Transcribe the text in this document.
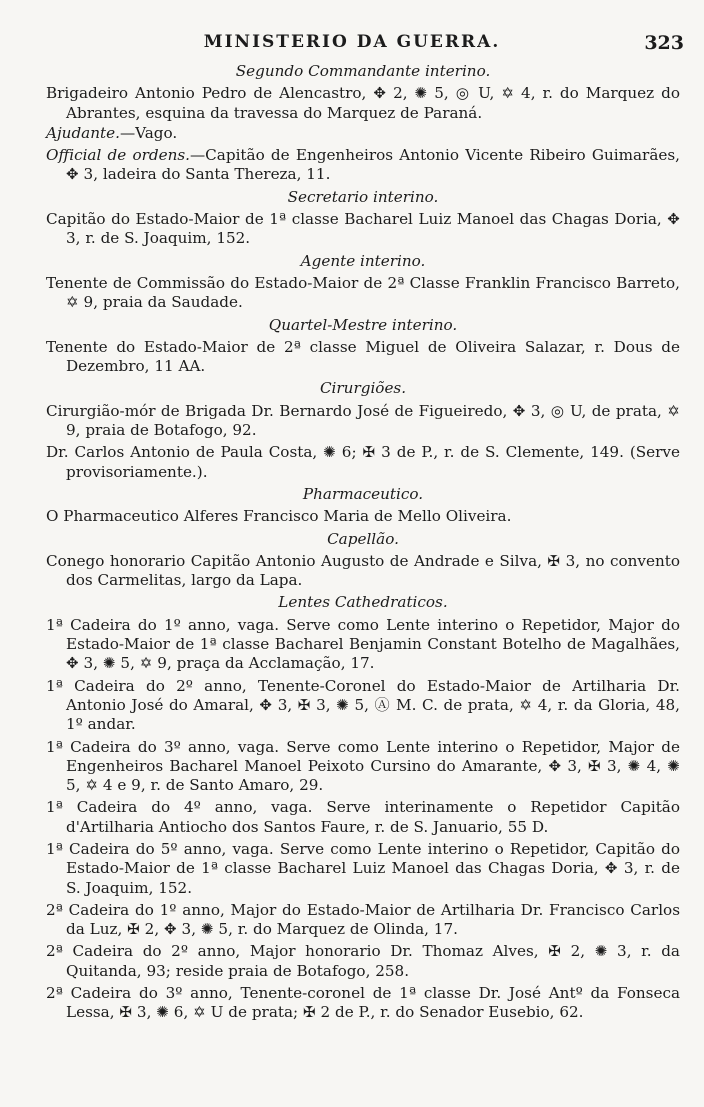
MINISTERIO DA GUERRA.	323
Segundo Commandante interino.
Brigadeiro Antonio Pedro de Alencastro, ✥ 2, ✺ 5, ◎ U, ✡ 4, r. do Marquez do Abrantes, esquina da travessa do Marquez de Paraná.
Ajudante.—Vago.
Official de ordens.—Capitão de Engenheiros Antonio Vicente Ribeiro Guimarães, ✥ 3, ladeira do Santa Thereza, 11.
Secretario interino.
Capitão do Estado-Maior de 1ª classe Bacharel Luiz Manoel das Chagas Doria, ✥ 3, r. de S. Joaquim, 152.
Agente interino.
Tenente de Commissão do Estado-Maior de 2ª Classe Franklin Francisco Barreto, ✡ 9, praia da Saudade.
Quartel-Mestre interino.
Tenente do Estado-Maior de 2ª classe Miguel de Oliveira Salazar, r. Dous de Dezembro, 11 AA.
Cirurgiões.
Cirurgião-mór de Brigada Dr. Bernardo José de Figueiredo, ✥ 3, ◎ U, de prata, ✡ 9, praia de Botafogo, 92.
Dr. Carlos Antonio de Paula Costa, ✺ 6; ✠ 3 de P., r. de S. Clemente, 149. (Serve provisoriamente.).
Pharmaceutico.
O Pharmaceutico Alferes Francisco Maria de Mello Oliveira.
Capellão.
Conego honorario Capitão Antonio Augusto de Andrade e Silva, ✠ 3, no convento dos Carmelitas, largo da Lapa.
Lentes Cathedraticos.
1ª Cadeira do 1º anno, vaga. Serve como Lente interino o Repetidor, Major do Estado-Maior de 1ª classe Bacharel Benjamin Constant Botelho de Magalhães, ✥ 3, ✺ 5, ✡ 9, praça da Acclamação, 17.
1ª Cadeira do 2º anno, Tenente-Coronel do Estado-Maior de Artilharia Dr. Antonio José do Amaral, ✥ 3, ✠ 3, ✺ 5, Ⓐ M. C. de prata, ✡ 4, r. da Gloria, 48, 1º andar.
1ª Cadeira do 3º anno, vaga. Serve como Lente interino o Repetidor, Major de Engenheiros Bacharel Manoel Peixoto Cursino do Amarante, ✥ 3, ✠ 3, ✺ 4, ✺ 5, ✡ 4 e 9, r. de Santo Amaro, 29.
1ª Cadeira do 4º anno, vaga. Serve interinamente o Repetidor Capitão d'Artilharia Antiocho dos Santos Faure, r. de S. Januario, 55 D.
1ª Cadeira do 5º anno, vaga. Serve como Lente interino o Repetidor, Capitão do Estado-Maior de 1ª classe Bacharel Luiz Manoel das Chagas Doria, ✥ 3, r. de S. Joaquim, 152.
2ª Cadeira do 1º anno, Major do Estado-Maior de Artilharia Dr. Francisco Carlos da Luz, ✠ 2, ✥ 3, ✺ 5, r. do Marquez de Olinda, 17.
2ª Cadeira do 2º anno, Major honorario Dr. Thomaz Alves, ✠ 2, ✺ 3, r. da Quitanda, 93; reside praia de Botafogo, 258.
2ª Cadeira do 3º anno, Tenente-coronel de 1ª classe Dr. José Antº da Fonseca Lessa, ✠ 3, ✺ 6, ✡ U de prata; ✠ 2 de P., r. do Senador Eusebio, 62.
